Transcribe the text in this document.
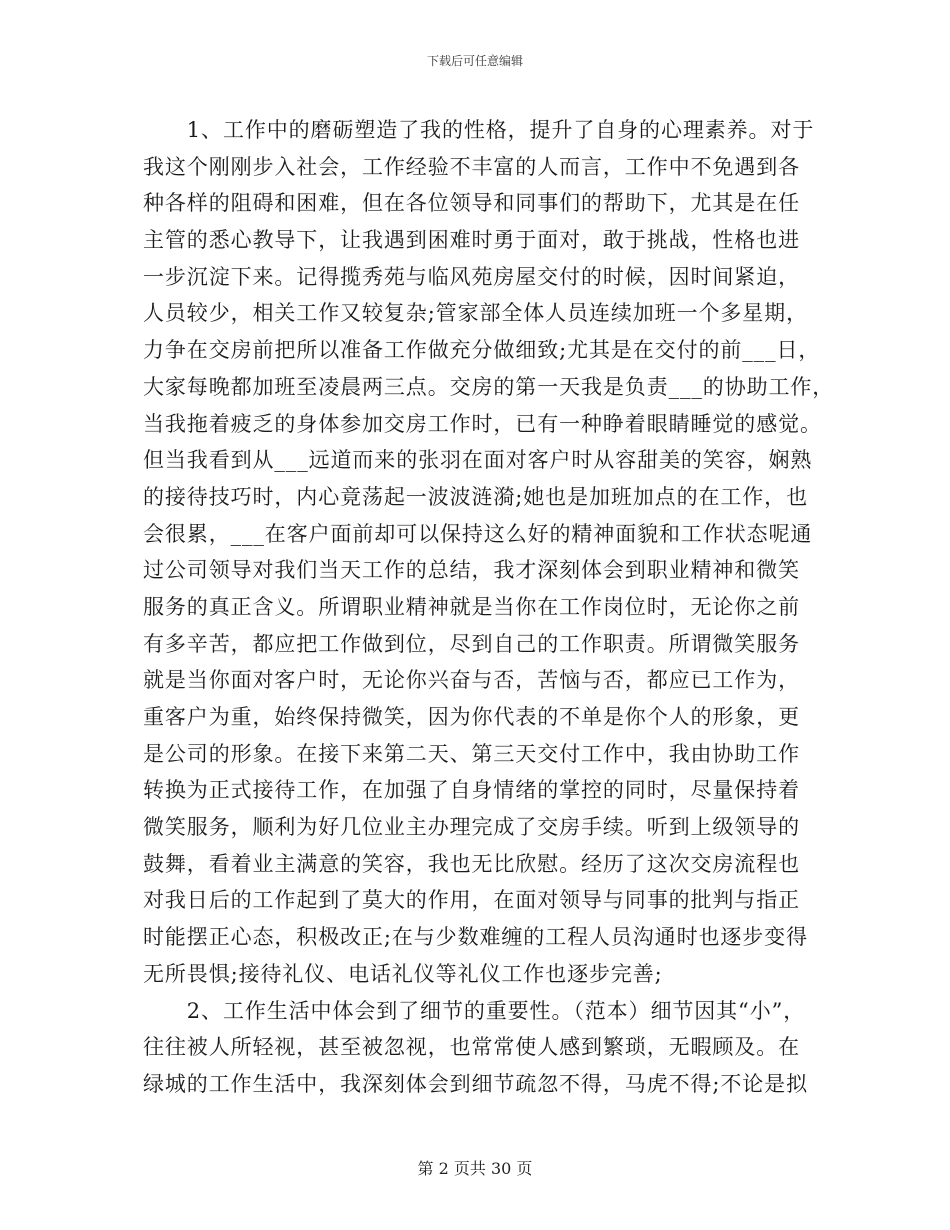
下载后可任意编辑
　　1、工作中的磨砺塑造了我的性格，提升了自身的心理素养。对于
我这个刚刚步入社会，工作经验不丰富的人而言，工作中不免遇到各
种各样的阻碍和困难，但在各位领导和同事们的帮助下，尤其是在任
主管的悉心教导下，让我遇到困难时勇于面对，敢于挑战，性格也进
一步沉淀下来。记得揽秀苑与临风苑房屋交付的时候，因时间紧迫，
人员较少，相关工作又较复杂;管家部全体人员连续加班一个多星期，
力争在交房前把所以准备工作做充分做细致;尤其是在交付的前___日，
大家每晚都加班至凌晨两三点。交房的第一天我是负责___的协助工作，
当我拖着疲乏的身体参加交房工作时，已有一种睁着眼睛睡觉的感觉。
但当我看到从___远道而来的张羽在面对客户时从容甜美的笑容，娴熟
的接待技巧时，内心竟荡起一波波涟漪;她也是加班加点的在工作，也
会很累，___在客户面前却可以保持这么好的精神面貌和工作状态呢通
过公司领导对我们当天工作的总结，我才深刻体会到职业精神和微笑
服务的真正含义。所谓职业精神就是当你在工作岗位时，无论你之前
有多辛苦，都应把工作做到位，尽到自己的工作职责。所谓微笑服务
就是当你面对客户时，无论你兴奋与否，苦恼与否，都应已工作为，
重客户为重，始终保持微笑，因为你代表的不单是你个人的形象，更
是公司的形象。在接下来第二天、第三天交付工作中，我由协助工作
转换为正式接待工作，在加强了自身情绪的掌控的同时，尽量保持着
微笑服务，顺利为好几位业主办理完成了交房手续。听到上级领导的
鼓舞，看着业主满意的笑容，我也无比欣慰。经历了这次交房流程也
对我日后的工作起到了莫大的作用，在面对领导与同事的批判与指正
时能摆正心态，积极改正;在与少数难缠的工程人员沟通时也逐步变得
无所畏惧;接待礼仪、电话礼仪等礼仪工作也逐步完善;
　　2、工作生活中体会到了细节的重要性。（范本）细节因其“小”，
往往被人所轻视，甚至被忽视，也常常使人感到繁琐，无暇顾及。在
绿城的工作生活中，我深刻体会到细节疏忽不得，马虎不得;不论是拟
第 2 页共 30 页
